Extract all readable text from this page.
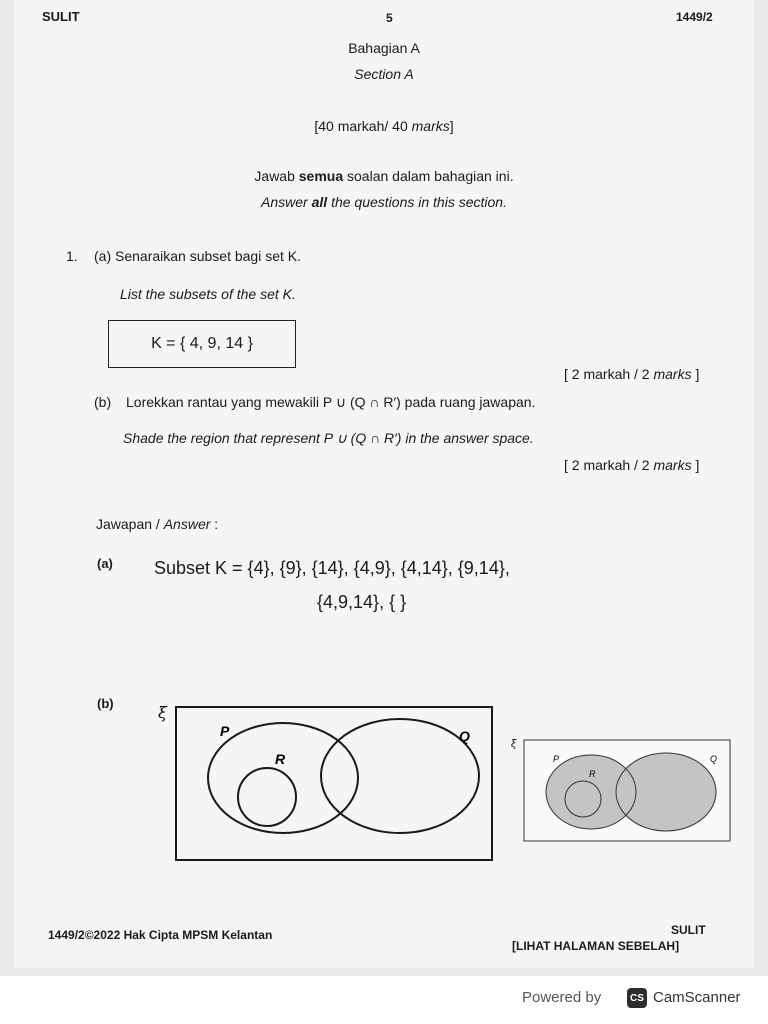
SULIT	5	1449/2
Bahagian A
Section A
[40 markah/ 40 marks]
Jawab semua soalan dalam bahagian ini.
Answer all the questions in this section.
1. (a) Senaraikan subset bagi set K.
List the subsets of the set K.
K = { 4, 9, 14 }
[ 2 markah / 2 marks ]
(b) Lorekkan rantau yang mewakili P ∪ (Q ∩ R′) pada ruang jawapan.
Shade the region that represent P ∪ (Q ∩ R′) in the answer space.
[ 2 markah / 2 marks ]
Jawapan / Answer :
(a) Subset K = {4}, {9}, {14}, {4,9}, {4,14}, {9,14},
{4,9,14}, { }
(b)	ξ
P	Q
R
ξ
P	Q
R
1449/2©2022 Hak Cipta MPSM Kelantan	SULIT
[LIHAT HALAMAN SEBELAH]
Powered by	CS CamScanner
